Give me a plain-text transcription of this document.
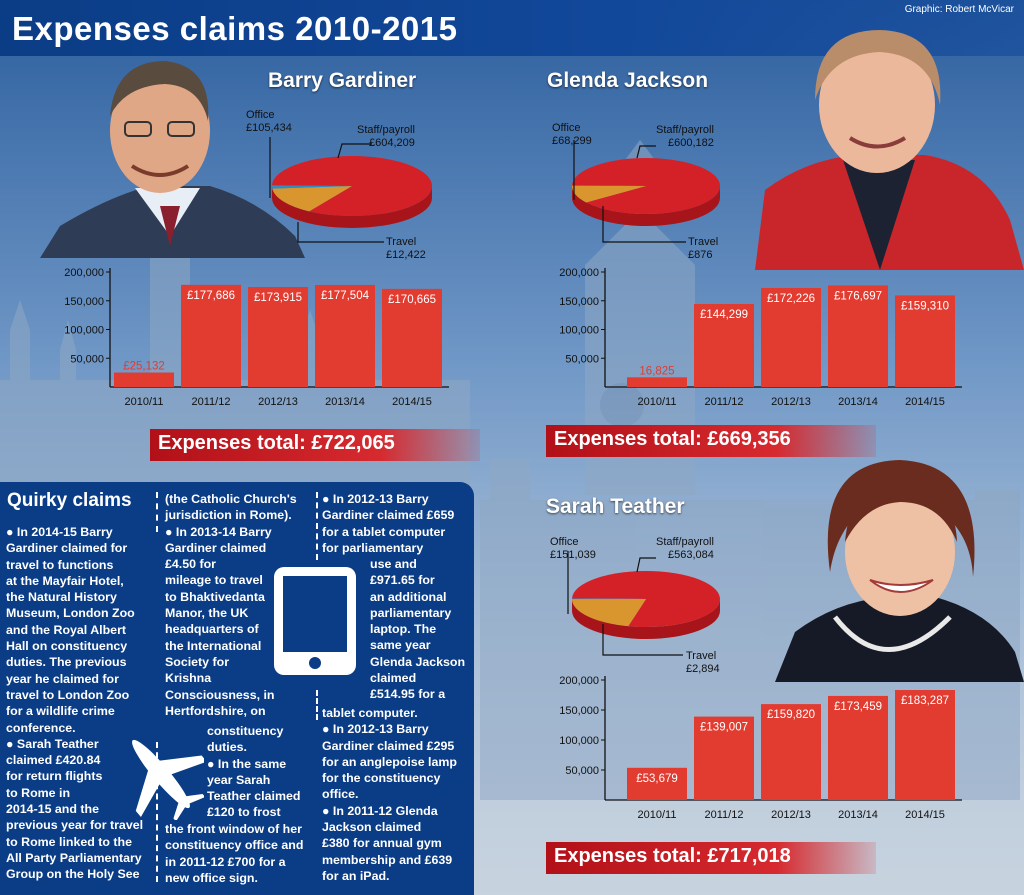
Expenses claims 2010-2015
Graphic: Robert McVicar
Barry Gardiner	Glenda Jackson
Sarah Teather
Office
£105,434	Staff/payroll
£604,209
Travel
£12,422
Office
£68,299
Staff/payroll
£600,182
Travel
£876
Office
£151,039
Staff/payroll
£563,084
Travel
£2,894
50,000
100,000
150,000
200,000
£25,132
2010/11
£177,686
2011/12
£173,915
2012/13
£177,504
2013/14
£170,665
2014/15
50,000
100,000
150,000
200,000
16,825
2010/11
£144,299
2011/12
£172,226
2012/13
£176,697
2013/14
£159,310
2014/15
50,000
100,000
150,000
200,000
£53,679
2010/11
£139,007
2011/12
£159,820
2012/13
£173,459
2013/14
£183,287
2014/15
Expenses total: £722,065	Expenses total: £669,356
Expenses total: £717,018
Quirky claims
● In 2014-15 Barry
Gardiner claimed for
travel to functions
at the Mayfair Hotel,
the Natural History
Museum, London Zoo
and the Royal Albert
Hall on constituency
duties. The previous
year he claimed for
travel to London Zoo
for a wildlife crime
conference.
● Sarah Teather
claimed £420.84
for return flights
to Rome in
2014-15 and the
previous year for travel
to Rome linked to the
All Party Parliamentary
Group on the Holy See
(the Catholic Church's
jurisdiction in Rome).
● In 2013-14 Barry
Gardiner claimed
£4.50 for
mileage to travel
to Bhaktivedanta
Manor, the UK
headquarters of
the International
Society for
Krishna
Consciousness, in
Hertfordshire, on
constituency
duties.
● In the same
year Sarah
Teather claimed
£120 to frost
the front window of her
constituency office and
in 2011-12 £700 for a
new office sign.
● In 2012-13 Barry
Gardiner claimed £659
for a tablet computer
for parliamentary
use and
£971.65 for
an additional
parliamentary
laptop. The
same year
Glenda Jackson
claimed
£514.95 for a
tablet computer.
● In 2012-13 Barry
Gardiner claimed £295
for an anglepoise lamp
for the constituency
office.
● In 2011-12 Glenda
Jackson claimed
£380 for annual gym
membership and £639
for an iPad.
